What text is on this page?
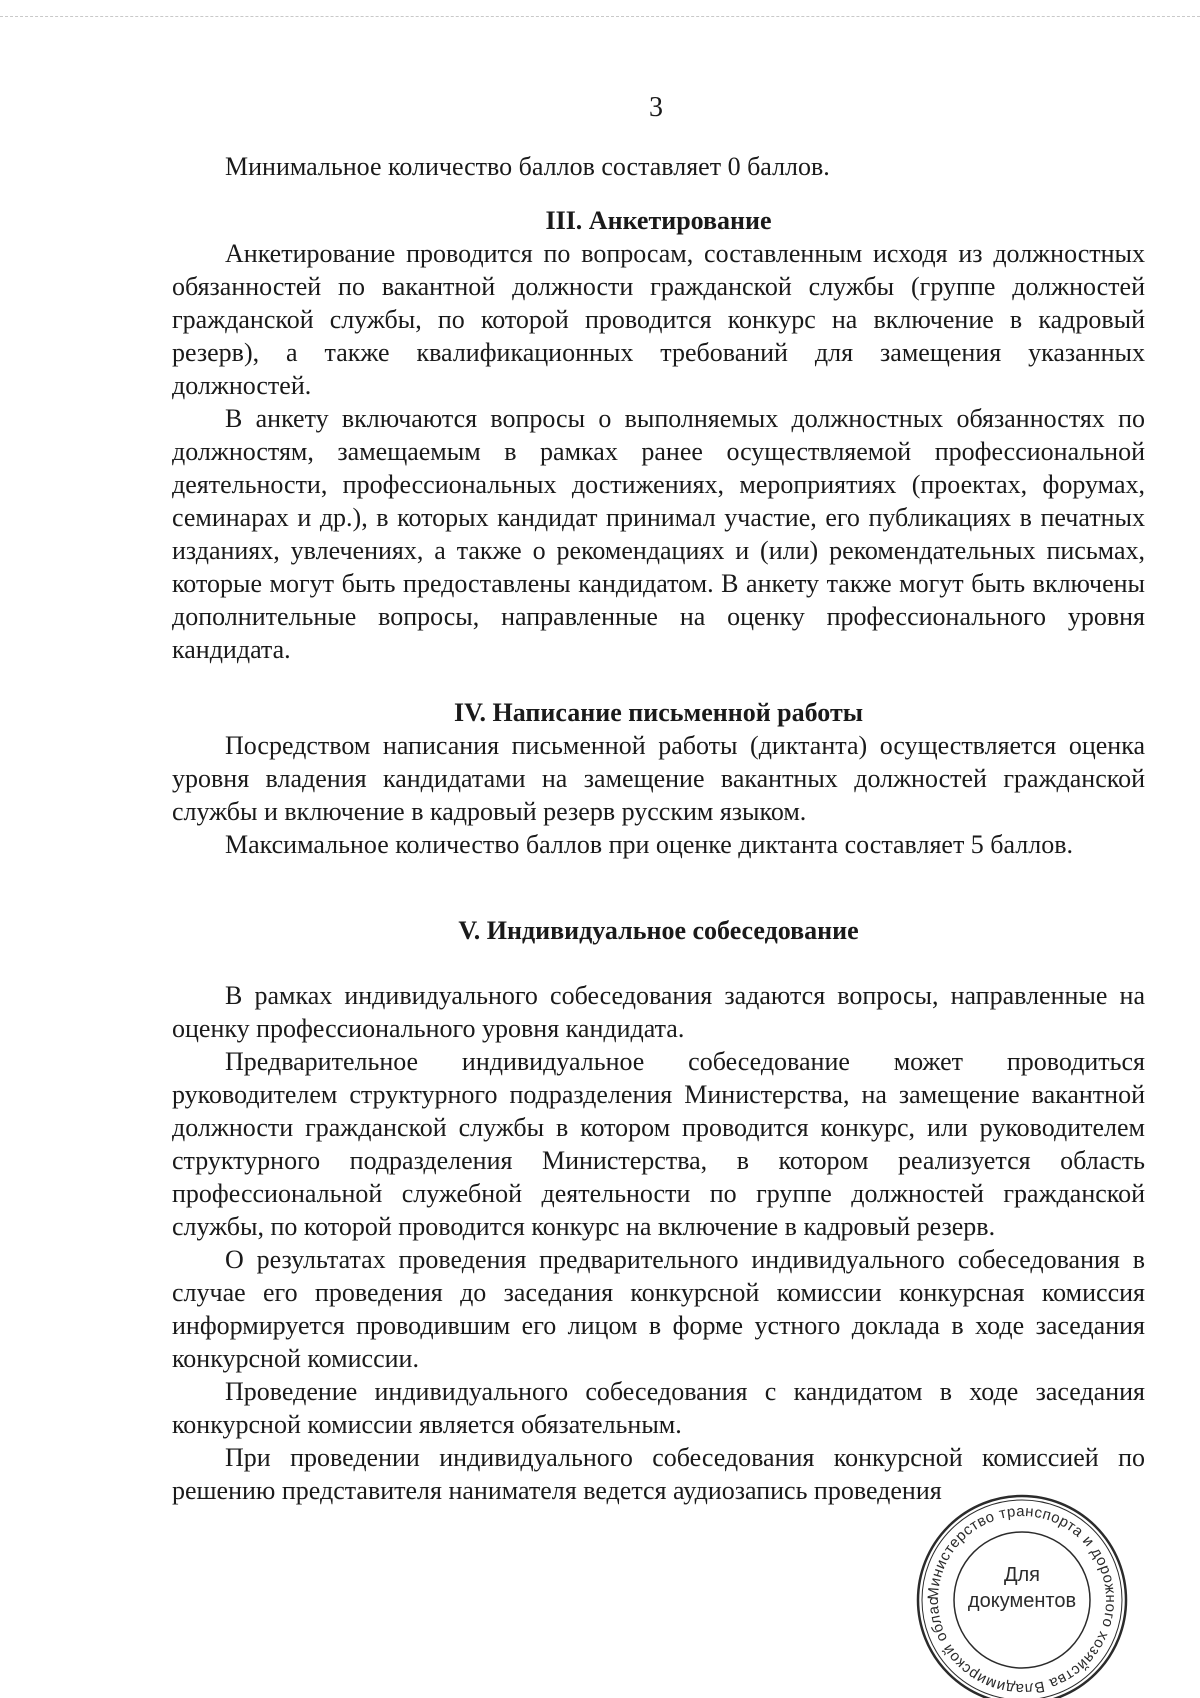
3

Минимальное количество баллов составляет 0 баллов.

III. Анкетирование

Анкетирование проводится по вопросам, составленным исходя из должностных обязанностей по вакантной должности гражданской службы (группе должностей гражданской службы, по которой проводится конкурс на включение в кадровый резерв), а также квалификационных требований для замещения указанных должностей.

В анкету включаются вопросы о выполняемых должностных обязанностях по должностям, замещаемым в рамках ранее осуществляемой профессиональной деятельности, профессиональных достижениях, мероприятиях (проектах, форумах, семинарах и др.), в которых кандидат принимал участие, его публикациях в печатных изданиях, увлечениях, а также о рекомендациях и (или) рекомендательных письмах, которые могут быть предоставлены кандидатом. В анкету также могут быть включены дополнительные вопросы, направленные на оценку профессионального уровня кандидата.

IV. Написание письменной работы

Посредством написания письменной работы (диктанта) осуществляется оценка уровня владения кандидатами на замещение вакантных должностей гражданской службы и включение в кадровый резерв русским языком.

Максимальное количество баллов при оценке диктанта составляет 5 баллов.

V. Индивидуальное собеседование

В рамках индивидуального собеседования задаются вопросы, направленные на оценку профессионального уровня кандидата.

Предварительное индивидуальное собеседование может проводиться руководителем структурного подразделения Министерства, на замещение вакантной должности гражданской службы в котором проводится конкурс, или руководителем структурного подразделения Министерства, в котором реализуется область профессиональной служебной деятельности по группе должностей гражданской службы, по которой проводится конкурс на включение в кадровый резерв.

О результатах проведения предварительного индивидуального собеседования в случае его проведения до заседания конкурсной комиссии конкурсная комиссия информируется проводившим его лицом в форме устного доклада в ходе заседания конкурсной комиссии.

Проведение индивидуального собеседования с кандидатом в ходе заседания конкурсной комиссии является обязательным.

При проведении индивидуального собеседования конкурсной комиссией по решению представителя нанимателя ведется аудиозапись проведения

Министерство транспорта и дорожного хозяйства Владимирской облас
Для
документов
